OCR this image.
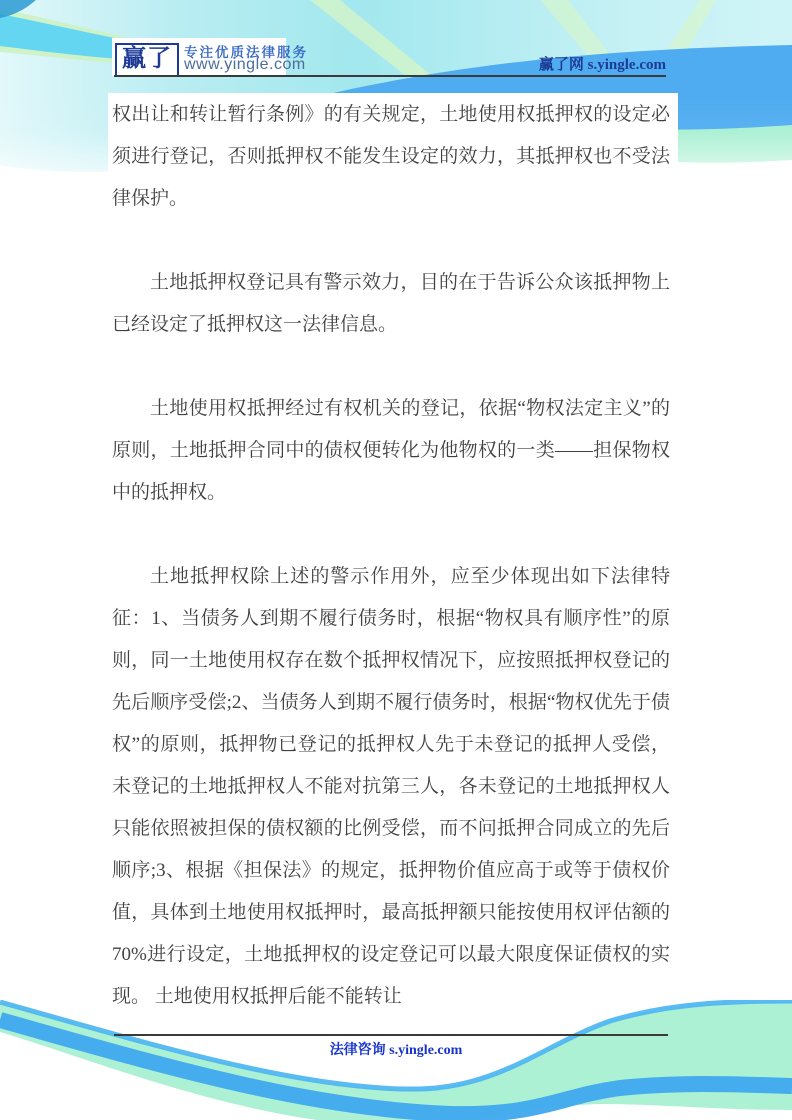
赢了 专注优质法律服务
www.yingle.com	赢了网 s.yingle.com

权出让和转让暂行条例》的有关规定，土地使用权抵押权的设定必须进行登记，否则抵押权不能发生设定的效力，其抵押权也不受法律保护。

土地抵押权登记具有警示效力，目的在于告诉公众该抵押物上已经设定了抵押权这一法律信息。

土地使用权抵押经过有权机关的登记，依据“物权法定主义”的原则，土地抵押合同中的债权便转化为他物权的一类——担保物权中的抵押权。

土地抵押权除上述的警示作用外，应至少体现出如下法律特征：1、当债务人到期不履行债务时，根据“物权具有顺序性”的原则，同一土地使用权存在数个抵押权情况下，应按照抵押权登记的先后顺序受偿;2、当债务人到期不履行债务时，根据“物权优先于债权”的原则，抵押物已登记的抵押权人先于未登记的抵押人受偿，未登记的土地抵押权人不能对抗第三人，各未登记的土地抵押权人只能依照被担保的债权额的比例受偿，而不问抵押合同成立的先后顺序;3、根据《担保法》的规定，抵押物价值应高于或等于债权价值，具体到土地使用权抵押时，最高抵押额只能按使用权评估额的 70%进行设定，土地抵押权的设定登记可以最大限度保证债权的实现。 土地使用权抵押后能不能转让

法律咨询 s.yingle.com
